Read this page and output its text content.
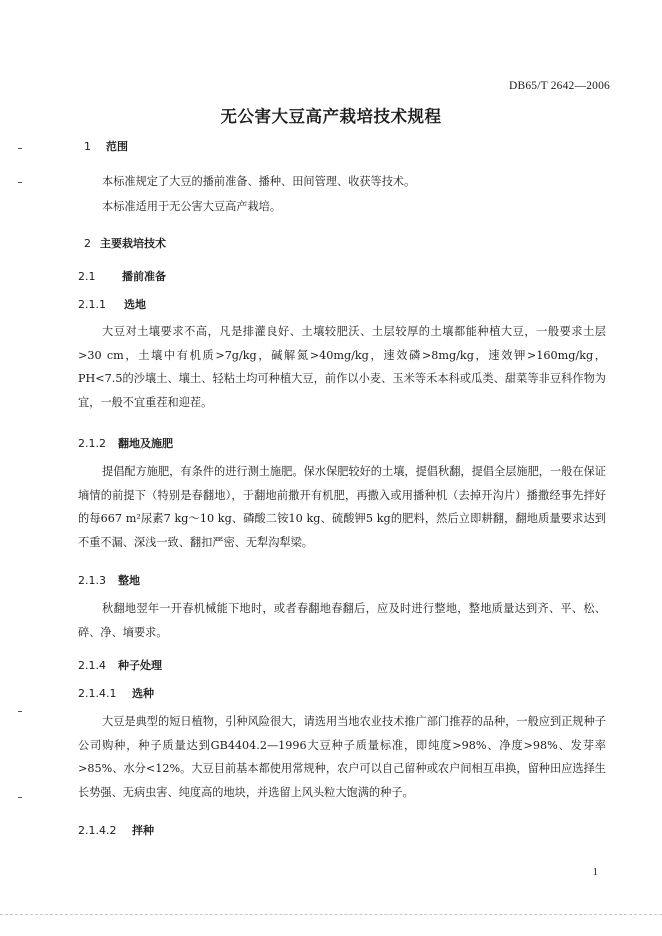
DB65/T 2642—2006
无公害大豆高产栽培技术规程
1 范围

本标准规定了大豆的播前准备、播种、田间管理、收获等技术。

本标准适用于无公害大豆高产栽培。

2 主要栽培技术
2.1 播前准备
2.1.1 选地

大豆对土壤要求不高，凡是排灌良好、土壤较肥沃、土层较厚的土壤都能种植大豆，一般要求土层>30 cm，土壤中有机质>7g/kg，碱解氮>40mg/kg，速效磷>8mg/kg，速效钾>160mg/kg，PH<7.5的沙壤土、壤土、轻粘土均可种植大豆，前作以小麦、玉米等禾本科或瓜类、甜菜等非豆科作物为宜，一般不宜重茬和迎茬。

2.1.2 翻地及施肥

提倡配方施肥，有条件的进行测土施肥。保水保肥较好的土壤，提倡秋翻，提倡全层施肥，一般在保证墒情的前提下（特别是春翻地），于翻地前撒开有机肥，再撒入或用播种机（去掉开沟片）播撒经事先拌好的每667 m²尿素7 kg～10 kg、磷酸二铵10 kg、硫酸钾5 kg的肥料，然后立即耕翻，翻地质量要求达到不重不漏、深浅一致、翻扣严密、无犁沟犁梁。

2.1.3 整地

秋翻地翌年一开春机械能下地时，或者春翻地春翻后，应及时进行整地，整地质量达到齐、平、松、碎、净、墒要求。

2.1.4 种子处理
2.1.4.1 选种

大豆是典型的短日植物，引种风险很大，请选用当地农业技术推广部门推荐的品种，一般应到正规种子公司购种，种子质量达到GB4404.2—1996大豆种子质量标准，即纯度>98%、净度>98%、发芽率>85%、水分<12%。大豆目前基本都使用常规种，农户可以自己留种或农户间相互串换，留种田应选择生长势强、无病虫害、纯度高的地块，并选留上风头粒大饱满的种子。

2.1.4.2 拌种
1
